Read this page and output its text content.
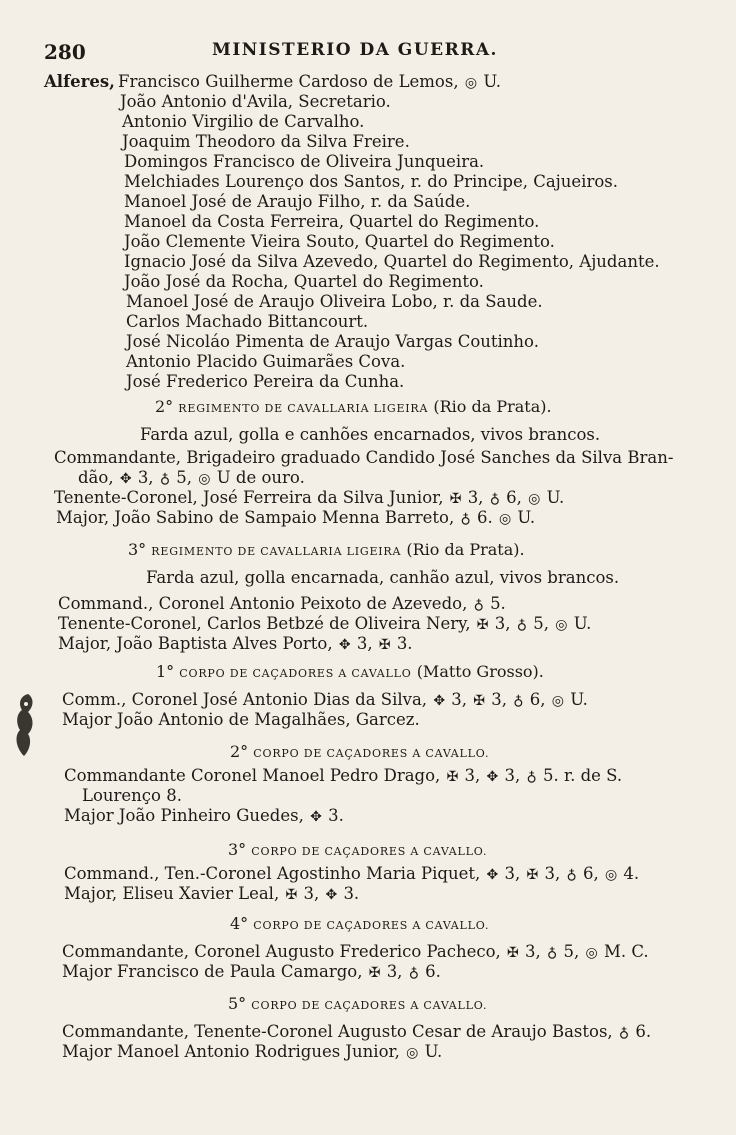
280	MINISTERIO DA GUERRA.
Alferes, Francisco Guilherme Cardoso de Lemos, ◎ U.
João Antonio d'Avila, Secretario.
Antonio Virgilio de Carvalho.
Joaquim Theodoro da Silva Freire.
Domingos Francisco de Oliveira Junqueira.
Melchiades Lourenço dos Santos, r. do Principe, Cajueiros.
Manoel José de Araujo Filho, r. da Saúde.
Manoel da Costa Ferreira, Quartel do Regimento.
João Clemente Vieira Souto, Quartel do Regimento.
Ignacio José da Silva Azevedo, Quartel do Regimento, Ajudante.
João José da Rocha, Quartel do Regimento.
Manoel José de Araujo Oliveira Lobo, r. da Saude.
Carlos Machado Bittancourt.
José Nicoláo Pimenta de Araujo Vargas Coutinho.
Antonio Placido Guimarães Cova.
José Frederico Pereira da Cunha.
2° REGIMENTO DE CAVALLARIA LIGEIRA (Rio da Prata).
Farda azul, golla e canhões encarnados, vivos brancos.
Commandante, Brigadeiro graduado Candido José Sanches da Silva Bran-
dão, ✥ 3, ♁ 5, ◎ U de ouro.
Tenente-Coronel, José Ferreira da Silva Junior, ✠ 3, ♁ 6, ◎ U.
Major, João Sabino de Sampaio Menna Barreto, ♁ 6. ◎ U.
3° REGIMENTO DE CAVALLARIA LIGEIRA (Rio da Prata).
Farda azul, golla encarnada, canhão azul, vivos brancos.
Command., Coronel Antonio Peixoto de Azevedo, ♁ 5.
Tenente-Coronel, Carlos Betbzé de Oliveira Nery, ✠ 3, ♁ 5, ◎ U.
Major, João Baptista Alves Porto, ✥ 3, ✠ 3.
1° CORPO DE CAÇADORES A CAVALLO (Matto Grosso).
Comm., Coronel José Antonio Dias da Silva, ✥ 3, ✠ 3, ♁ 6, ◎ U.
Major João Antonio de Magalhães, Garcez.
2° CORPO DE CAÇADORES A CAVALLO.
Commandante Coronel Manoel Pedro Drago, ✠ 3, ✥ 3, ♁ 5. r. de S.
Lourenço 8.
Major João Pinheiro Guedes, ✥ 3.
3° CORPO DE CAÇADORES A CAVALLO.
Command., Ten.-Coronel Agostinho Maria Piquet, ✥ 3, ✠ 3, ♁ 6, ◎ 4.
Major, Eliseu Xavier Leal, ✠ 3, ✥ 3.
4° CORPO DE CAÇADORES A CAVALLO.
Commandante, Coronel Augusto Frederico Pacheco, ✠ 3, ♁ 5, ◎ M. C.
Major Francisco de Paula Camargo, ✠ 3, ♁ 6.
5° CORPO DE CAÇADORES A CAVALLO.
Commandante, Tenente-Coronel Augusto Cesar de Araujo Bastos, ♁ 6.
Major Manoel Antonio Rodrigues Junior, ◎ U.
